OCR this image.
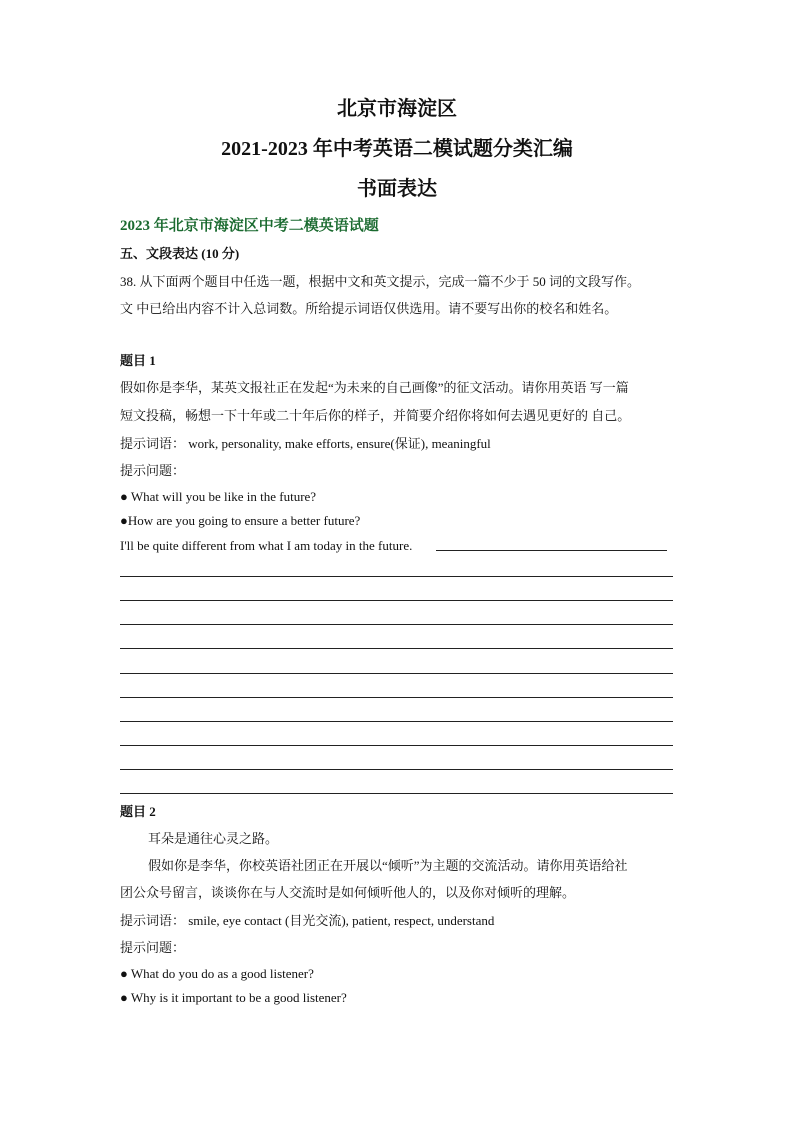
北京市海淀区
2021-2023 年中考英语二模试题分类汇编
书面表达
2023 年北京市海淀区中考二模英语试题
五、文段表达 (10 分)
38. 从下面两个题目中任选一题，根据中文和英文提示，完成一篇不少于 50 词的文段写作。
文 中已给出内容不计入总词数。所给提示词语仅供选用。请不要写出你的校名和姓名。
题目 1
假如你是李华，某英文报社正在发起“为未来的自己画像”的征文活动。请你用英语 写一篇
短文投稿，畅想一下十年或二十年后你的样子，并简要介绍你将如何去遇见更好的 自己。
提示词语： work, personality, make efforts, ensure(保证), meaningful
提示问题：
● What will you be like in the future?
●How are you going to ensure a better future?
I'll be quite different from what I am today in the future.
题目 2
耳朵是通往心灵之路。
假如你是李华，你校英语社团正在开展以“倾听”为主题的交流活动。请你用英语给社
团公众号留言，谈谈你在与人交流时是如何倾听他人的，以及你对倾听的理解。
提示词语： smile, eye contact (目光交流), patient, respect, understand
提示问题：
● What do you do as a good listener?
● Why is it important to be a good listener?
